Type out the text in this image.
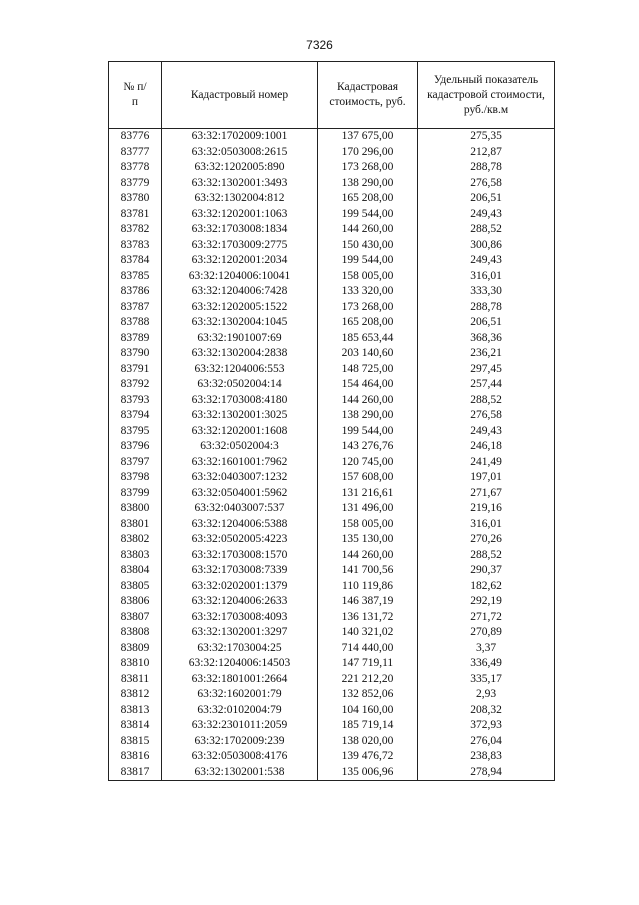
7326
№ п/п	Кадастровый номер	Кадастровая стоимость, руб.	Удельный показатель кадастровой стоимости, руб./кв.м
83776	63:32:1702009:1001	137 675,00	275,35
83777	63:32:0503008:2615	170 296,00	212,87
83778	63:32:1202005:890	173 268,00	288,78
83779	63:32:1302001:3493	138 290,00	276,58
83780	63:32:1302004:812	165 208,00	206,51
83781	63:32:1202001:1063	199 544,00	249,43
83782	63:32:1703008:1834	144 260,00	288,52
83783	63:32:1703009:2775	150 430,00	300,86
83784	63:32:1202001:2034	199 544,00	249,43
83785	63:32:1204006:10041	158 005,00	316,01
83786	63:32:1204006:7428	133 320,00	333,30
83787	63:32:1202005:1522	173 268,00	288,78
83788	63:32:1302004:1045	165 208,00	206,51
83789	63:32:1901007:69	185 653,44	368,36
83790	63:32:1302004:2838	203 140,60	236,21
83791	63:32:1204006:553	148 725,00	297,45
83792	63:32:0502004:14	154 464,00	257,44
83793	63:32:1703008:4180	144 260,00	288,52
83794	63:32:1302001:3025	138 290,00	276,58
83795	63:32:1202001:1608	199 544,00	249,43
83796	63:32:0502004:3	143 276,76	246,18
83797	63:32:1601001:7962	120 745,00	241,49
83798	63:32:0403007:1232	157 608,00	197,01
83799	63:32:0504001:5962	131 216,61	271,67
83800	63:32:0403007:537	131 496,00	219,16
83801	63:32:1204006:5388	158 005,00	316,01
83802	63:32:0502005:4223	135 130,00	270,26
83803	63:32:1703008:1570	144 260,00	288,52
83804	63:32:1703008:7339	141 700,56	290,37
83805	63:32:0202001:1379	110 119,86	182,62
83806	63:32:1204006:2633	146 387,19	292,19
83807	63:32:1703008:4093	136 131,72	271,72
83808	63:32:1302001:3297	140 321,02	270,89
83809	63:32:1703004:25	714 440,00	3,37
83810	63:32:1204006:14503	147 719,11	336,49
83811	63:32:1801001:2664	221 212,20	335,17
83812	63:32:1602001:79	132 852,06	2,93
83813	63:32:0102004:79	104 160,00	208,32
83814	63:32:2301011:2059	185 719,14	372,93
83815	63:32:1702009:239	138 020,00	276,04
83816	63:32:0503008:4176	139 476,72	238,83
83817	63:32:1302001:538	135 006,96	278,94
